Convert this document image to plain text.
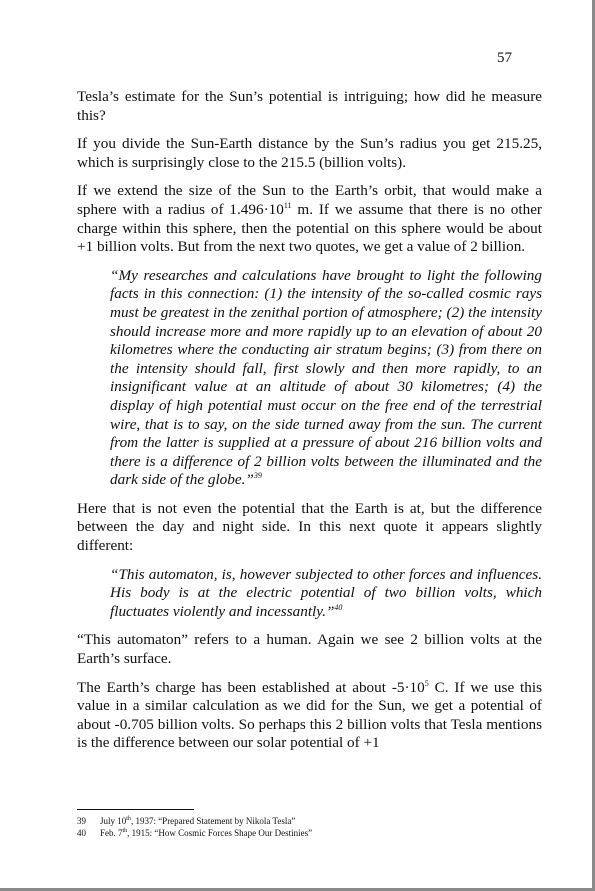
57

Tesla’s estimate for the Sun’s potential is intriguing; how did he measure this?

If you divide the Sun-Earth distance by the Sun’s radius you get 215.25, which is surprisingly close to the 215.5 (billion volts).

If we extend the size of the Sun to the Earth’s orbit, that would make a sphere with a radius of $1.496\cdot 10^{11}$ m. If we assume that there is no other charge within this sphere, then the potential on this sphere would be about +1 billion volts. But from the next two quotes, we get a value of 2 billion.

“My researches and calculations have brought to light the following facts in this connection: (1) the intensity of the so-called cosmic rays must be greatest in the zenithal portion of atmosphere; (2) the intensity should increase more and more rapidly up to an elevation of about 20 kilometres where the conducting air stratum begins; (3) from there on the intensity should fall, first slowly and then more rapidly, to an insignificant value at an altitude of about 30 kilometres; (4) the display of high potential must occur on the free end of the terrestrial wire, that is to say, on the side turned away from the sun. The current from the latter is supplied at a pressure of about 216 billion volts and there is a difference of 2 billion volts between the illuminated and the dark side of the globe.”$^{39}$

Here that is not even the potential that the Earth is at, but the difference between the day and night side. In this next quote it appears slightly different:

“This automaton, is, however subjected to other forces and influences. His body is at the electric potential of two billion volts, which fluctuates violently and incessantly.”$^{40}$

“This automaton” refers to a human. Again we see 2 billion volts at the Earth’s surface.

The Earth’s charge has been established at about $-5\cdot 10^5$ C. If we use this value in a similar calculation as we did for the Sun, we get a potential of about -0.705 billion volts. So perhaps this 2 billion volts that Tesla mentions is the difference between our solar potential of +1

39	July 10th, 1937: “Prepared Statement by Nikola Tesla”
40	Feb. 7th, 1915: “How Cosmic Forces Shape Our Destinies”
